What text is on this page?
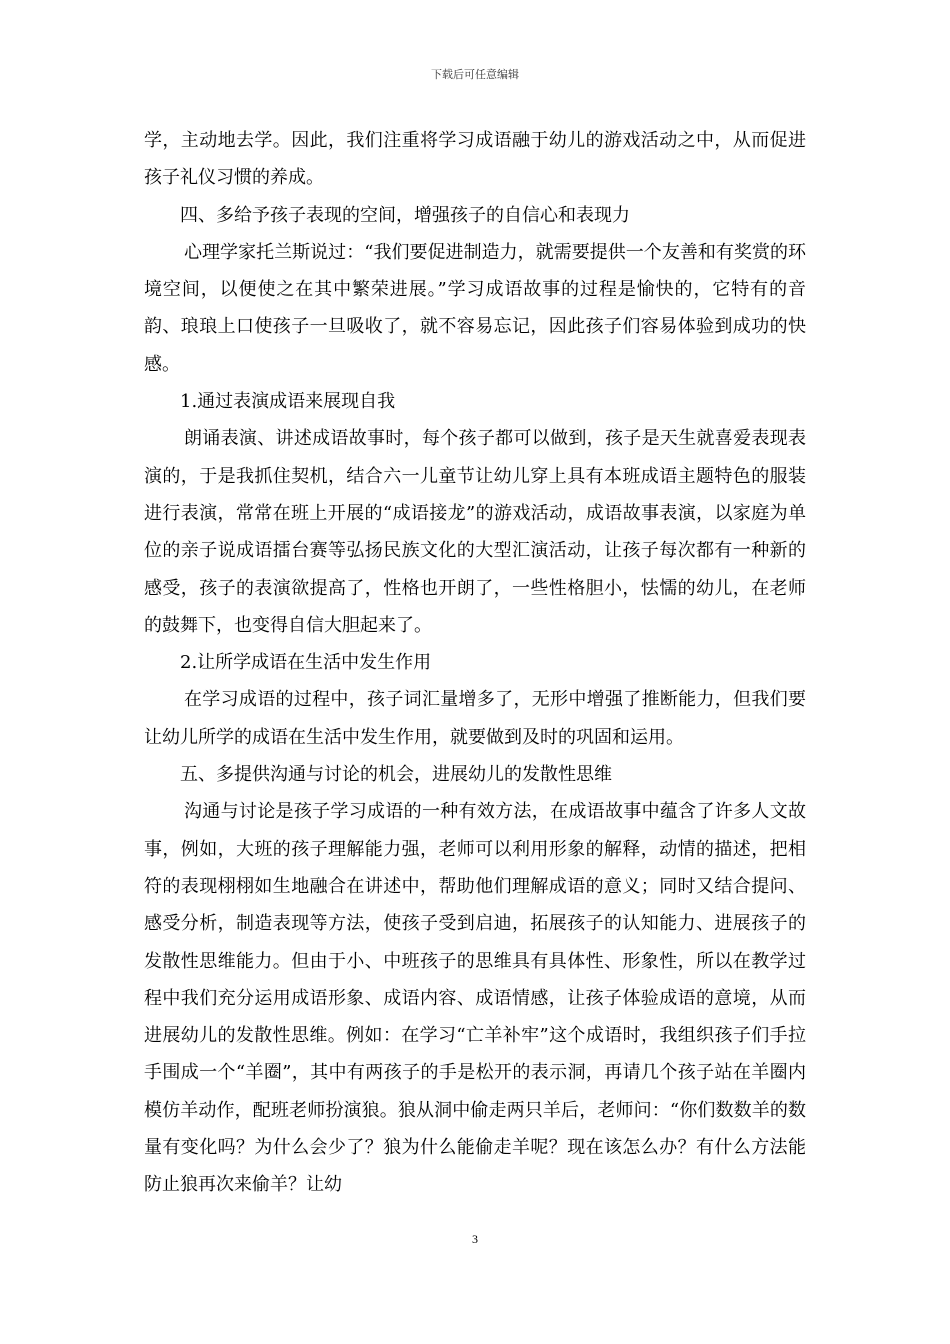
下载后可任意编辑

学，主动地去学。因此，我们注重将学习成语融于幼儿的游戏活动之中，从而促进孩子礼仪习惯的养成。

四、多给予孩子表现的空间，增强孩子的自信心和表现力

心理学家托兰斯说过：“我们要促进制造力，就需要提供一个友善和有奖赏的环境空间，以便使之在其中繁荣进展。”学习成语故事的过程是愉快的，它特有的音韵、琅琅上口使孩子一旦吸收了，就不容易忘记，因此孩子们容易体验到成功的快感。

1.通过表演成语来展现自我

朗诵表演、讲述成语故事时，每个孩子都可以做到，孩子是天生就喜爱表现表演的，于是我抓住契机，结合六一儿童节让幼儿穿上具有本班成语主题特色的服装进行表演，常常在班上开展的“成语接龙”的游戏活动，成语故事表演，以家庭为单位的亲子说成语擂台赛等弘扬民族文化的大型汇演活动，让孩子每次都有一种新的感受，孩子的表演欲提高了，性格也开朗了，一些性格胆小，怯懦的幼儿，在老师的鼓舞下，也变得自信大胆起来了。

2.让所学成语在生活中发生作用

在学习成语的过程中，孩子词汇量增多了，无形中增强了推断能力，但我们要让幼儿所学的成语在生活中发生作用，就要做到及时的巩固和运用。

五、多提供沟通与讨论的机会，进展幼儿的发散性思维

沟通与讨论是孩子学习成语的一种有效方法，在成语故事中蕴含了许多人文故事，例如，大班的孩子理解能力强，老师可以利用形象的解释，动情的描述，把相符的表现栩栩如生地融合在讲述中，帮助他们理解成语的意义；同时又结合提问、感受分析，制造表现等方法，使孩子受到启迪，拓展孩子的认知能力、进展孩子的发散性思维能力。但由于小、中班孩子的思维具有具体性、形象性，所以在教学过程中我们充分运用成语形象、成语内容、成语情感，让孩子体验成语的意境，从而进展幼儿的发散性思维。例如：在学习“亡羊补牢”这个成语时，我组织孩子们手拉手围成一个“羊圈”，其中有两孩子的手是松开的表示洞，再请几个孩子站在羊圈内模仿羊动作，配班老师扮演狼。狼从洞中偷走两只羊后，老师问：“你们数数羊的数量有变化吗？为什么会少了？狼为什么能偷走羊呢？现在该怎么办？有什么方法能防止狼再次来偷羊？让幼

3
